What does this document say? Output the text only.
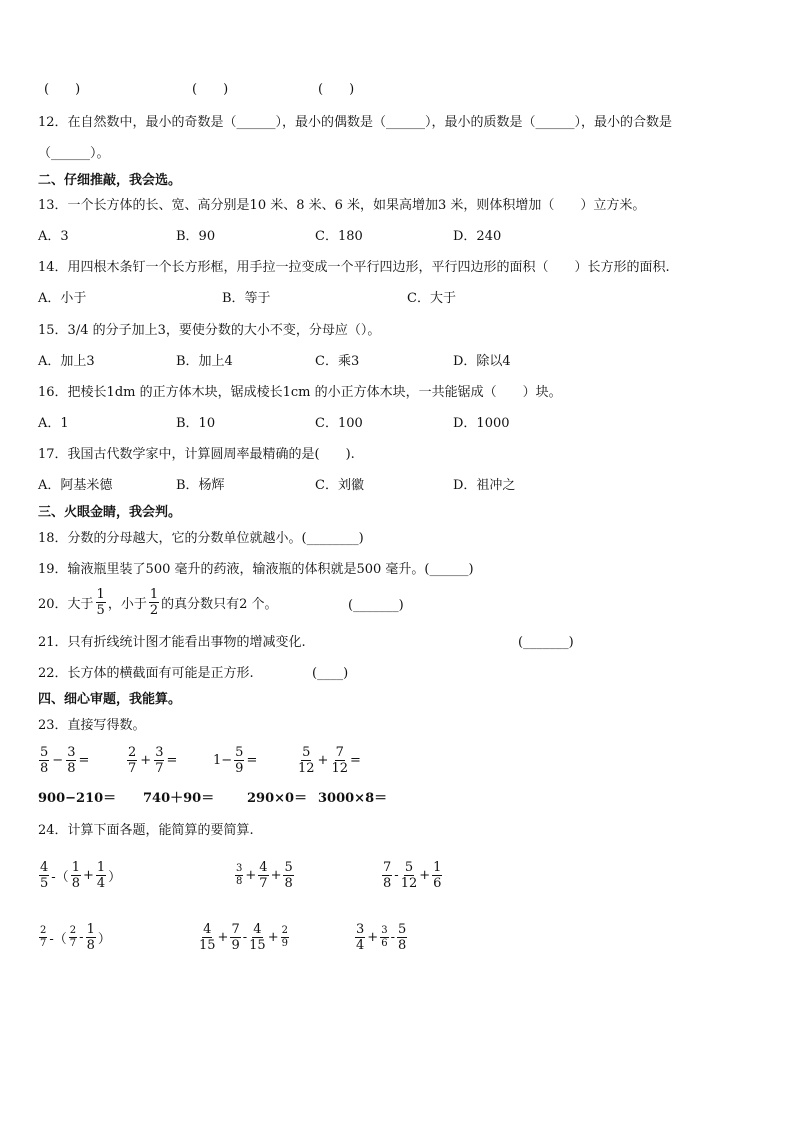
(　　)	(　　)	(　　)
12．在自然数中，最小的奇数是（______），最小的偶数是（______），最小的质数是（______），最小的合数是
（______）。
二、仔细推敲，我会选。
13．一个长方体的长、宽、高分别是10 米、8 米、6 米，如果高增加3 米，则体积增加（　　）立方米。
A．3	B．90	C．180	D．240
14．用四根木条钉一个长方形框，用手拉一拉变成一个平行四边形，平行四边形的面积（　　）长方形的面积.
A．小于	B．等于	C．大于
15．3/4 的分子加上3，要使分数的大小不变，分母应（）。
A．加上3	B．加上4	C．乘3	D．除以4
16．把棱长1dm 的正方体木块，锯成棱长1cm 的小正方体木块，一共能锯成（　　）块。
A．1	B．10	C．100	D．1000
17．我国古代数学家中，计算圆周率最精确的是(　　).
A．阿基米德	B．杨辉	C．刘徽	D．祖冲之
三、火眼金睛，我会判。
18．分数的分母越大，它的分数单位就越小。(________)
19．输液瓶里装了500 毫升的药液，输液瓶的体积就是500 毫升。(______)
20．大于 $\frac{1}{5}$ ，小于 $\frac{1}{2}$ 的真分数只有2 个。	(_______)
21．只有折线统计图才能看出事物的增减变化.	(_______)
22．长方体的横截面有可能是正方形.	(____)
四、细心审题，我能算。
23．直接写得数。
$\frac{5}{8} - \frac{3}{8}$ =	$\frac{2}{7} + \frac{3}{7}$ =	$1- \frac{5}{9}$ =	$\frac{5}{12} + \frac{7}{12}$ =
900−210＝ 740＋90＝	290×0＝ 3000×8＝
24．计算下面各题，能简算的要简算.
$\frac{4}{5}$ -（ $\frac{1}{8} + \frac{1}{4}$ ）	$\frac{3}{8} + \frac{4}{7} + \frac{5}{8}$	$\frac{7}{8} - \frac{5}{12} + \frac{1}{6}$
$\frac{2}{7}$ -（ $\frac{2}{7} - \frac{1}{8}$ ）	$\frac{4}{15} + \frac{7}{9} - \frac{4}{15} + \frac{2}{9}$	$\frac{3}{4} + \frac{3}{6} - \frac{5}{8}$
